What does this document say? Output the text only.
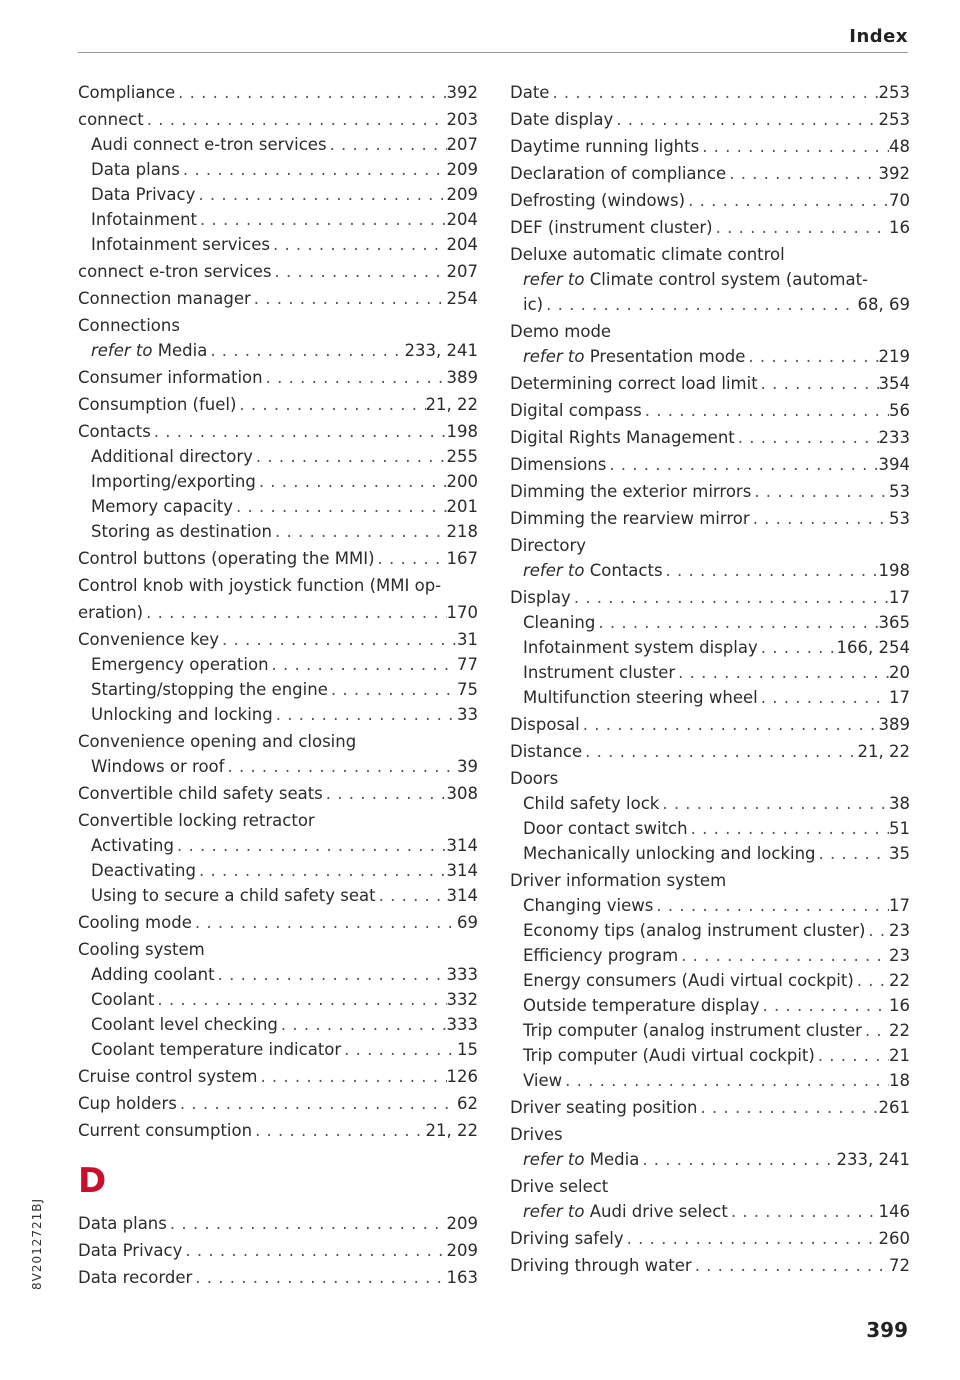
Index
Compliance . . .	392
connect . . .	203
Audi connect e-tron services . . .	207
Data plans . . .	209
Data Privacy . . .	209
Infotainment . . .	204
Infotainment services . . .	204
connect e-tron services . . .	207
Connection manager . . .	254
Connections
refer to Media . . .	233, 241
Consumer information . . .	389
Consumption (fuel) . . .	21, 22
Contacts . . .	198
Additional directory . . .	255
Importing/exporting . . .	200
Memory capacity . . .	201
Storing as destination . . .	218
Control buttons (operating the MMI) . . .	167
Control knob with joystick function (MMI op-
eration) . . .	170
Convenience key . . .	31
Emergency operation . . .	77
Starting/stopping the engine . . .	75
Unlocking and locking . . .	33
Convenience opening and closing
Windows or roof . . .	39
Convertible child safety seats . . .	308
Convertible locking retractor
Activating . . .	314
Deactivating . . .	314
Using to secure a child safety seat . . .	314
Cooling mode . . .	69
Cooling system
Adding coolant . . .	333
Coolant . . .	332
Coolant level checking . . .	333
Coolant temperature indicator . . .	15
Cruise control system . . .	126
Cup holders . . .	62
Current consumption . . .	21, 22
D
Data plans . . .	209
Data Privacy . . .	209
Data recorder . . .	163
Date . . .	253
Date display . . .	253
Daytime running lights . . .	48
Declaration of compliance . . .	392
Defrosting (windows) . . .	70
DEF (instrument cluster) . . .	16
Deluxe automatic climate control
refer to Climate control system (automat-
ic) . . .	68, 69
Demo mode
refer to Presentation mode . . .	219
Determining correct load limit . . .	354
Digital compass . . .	56
Digital Rights Management . . .	233
Dimensions . . .	394
Dimming the exterior mirrors . . .	53
Dimming the rearview mirror . . .	53
Directory
refer to Contacts . . .	198
Display . . .	17
Cleaning . . .	365
Infotainment system display . . .	166, 254
Instrument cluster . . .	20
Multifunction steering wheel . . .	17
Disposal . . .	389
Distance . . .	21, 22
Doors
Child safety lock . . .	38
Door contact switch . . .	51
Mechanically unlocking and locking . . .	35
Driver information system
Changing views . . .	17
Economy tips (analog instrument cluster) . . . 23
Efficiency program . . .	23
Energy consumers (Audi virtual cockpit) . . . 22
Outside temperature display . . .	16
Trip computer (analog instrument cluster . . . 22
Trip computer (Audi virtual cockpit) . . .	21
View . . .	18
Driver seating position . . .	261
Drives
refer to Media . . .	233, 241
Drive select
refer to Audi drive select . . .	146
Driving safely . . .	260
Driving through water . . .	72
8V2012721BJ
399
